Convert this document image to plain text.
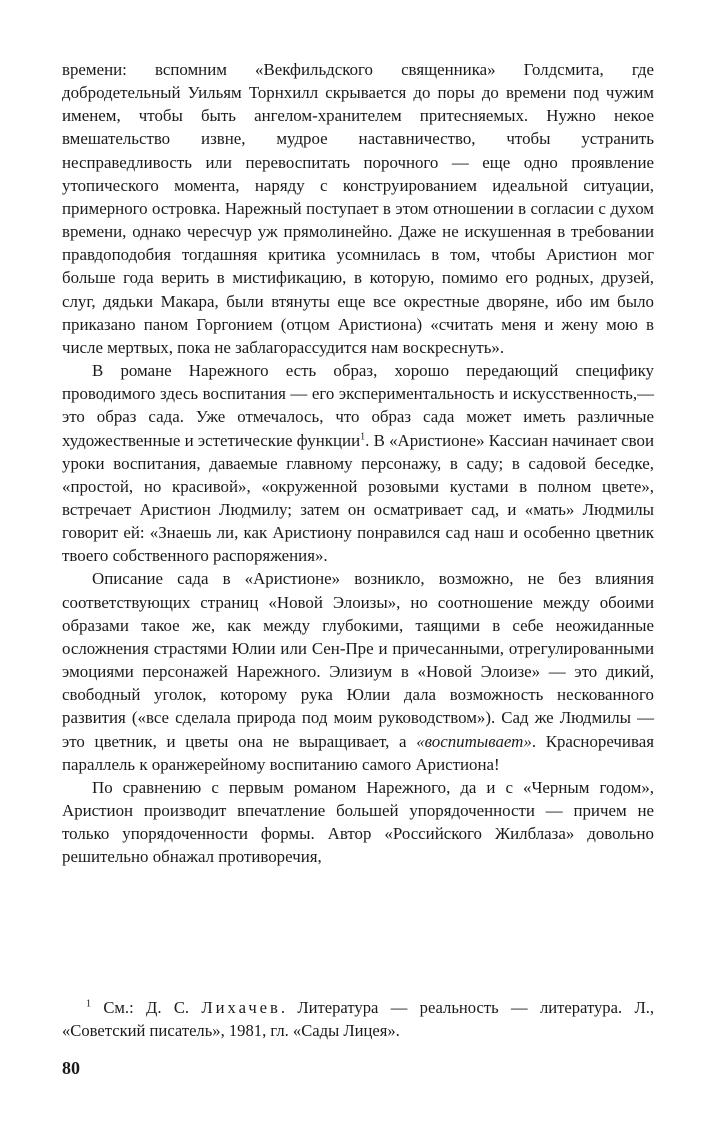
времени: вспомним «Векфильдского священника» Голдсмита, где добродетельный Уильям Торнхилл скрывается до поры до времени под чужим именем, чтобы быть ангелом-хранителем притесняемых. Нужно некое вмешательство извне, мудрое наставничество, чтобы устранить несправедливость или перевоспитать порочного — еще одно проявление утопического момента, наряду с конструированием идеальной ситуации, примерного островка. Нарежный поступает в этом отношении в согласии с духом времени, однако чересчур уж прямолинейно. Даже не искушенная в требовании правдоподобия тогдашняя критика усомнилась в том, чтобы Аристион мог больше года верить в мистификацию, в которую, помимо его родных, друзей, слуг, дядьки Макара, были втянуты еще все окрестные дворяне, ибо им было приказано паном Горгонием (отцом Аристиона) «считать меня и жену мою в числе мертвых, пока не заблагорассудится нам воскреснуть».

В романе Нарежного есть образ, хорошо передающий специфику проводимого здесь воспитания — его экспериментальность и искусственность,— это образ сада. Уже отмечалось, что образ сада может иметь различные художественные и эстетические функции$^1$. В «Аристионе» Кассиан начинает свои уроки воспитания, даваемые главному персонажу, в саду; в садовой беседке, «простой, но красивой», «окруженной розовыми кустами в полном цвете», встречает Аристион Людмилу; затем он осматривает сад, и «мать» Людмилы говорит ей: «Знаешь ли, как Аристиону понравился сад наш и особенно цветник твоего собственного распоряжения».

Описание сада в «Аристионе» возникло, возможно, не без влияния соответствующих страниц «Новой Элоизы», но соотношение между обоими образами такое же, как между глубокими, таящими в себе неожиданные осложнения страстями Юлии или Сен-Пре и причесанными, отрегулированными эмоциями персонажей Нарежного. Элизиум в «Новой Элоизе» — это дикий, свободный уголок, которому рука Юлии дала возможность нескованного развития («все сделала природа под моим руководством»). Сад же Людмилы — это цветник, и цветы она не выращивает, а «воспитывает». Красноречивая параллель к оранжерейному воспитанию самого Аристиона!

По сравнению с первым романом Нарежного, да и с «Черным годом», Аристион производит впечатление большей упорядоченности — причем не только упорядоченности формы. Автор «Российского Жилблаза» довольно решительно обнажал противоречия,

$^1$ См.: Д. С. Лихачев. Литература — реальность — литература. Л., «Советский писатель», 1981, гл. «Сады Лицея».

80
